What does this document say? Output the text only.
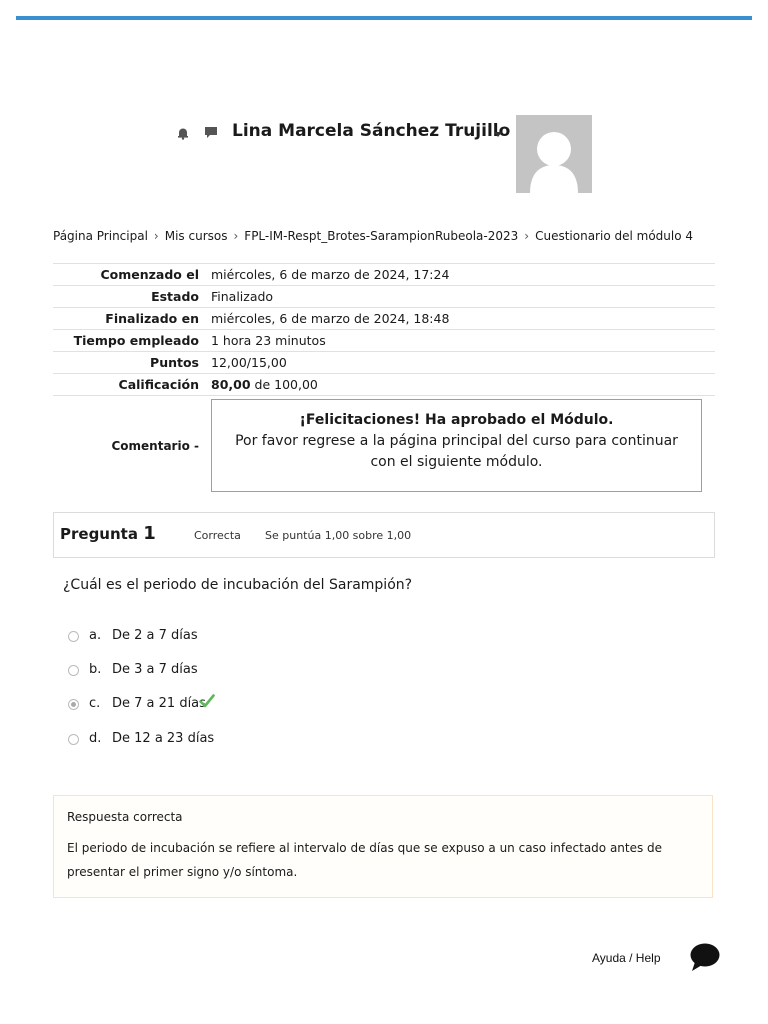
Lina Marcela Sánchez Trujillo
Página Principal › Mis cursos › FPL-IM-Respt_Brotes-SarampionRubeola-2023 › Cuestionario del módulo 4
Comenzado el	miércoles, 6 de marzo de 2024, 17:24
Estado	Finalizado
Finalizado en	miércoles, 6 de marzo de 2024, 18:48
Tiempo empleado	1 hora 23 minutos
Puntos	12,00/15,00
Calificación	80,00 de 100,00
Comentario -	¡Felicitaciones! Ha aprobado el Módulo.
Por favor regrese a la página principal del curso para continuar con el siguiente módulo.
Pregunta 1	Correcta Se puntúa 1,00 sobre 1,00
¿Cuál es el periodo de incubación del Sarampión?
a. De 2 a 7 días
b. De 3 a 7 días
c. De 7 a 21 días
d. De 12 a 23 días
Respuesta correcta
El periodo de incubación se refiere al intervalo de días que se expuso a un caso infectado antes de presentar el primer signo y/o síntoma.
Ayuda / Help
